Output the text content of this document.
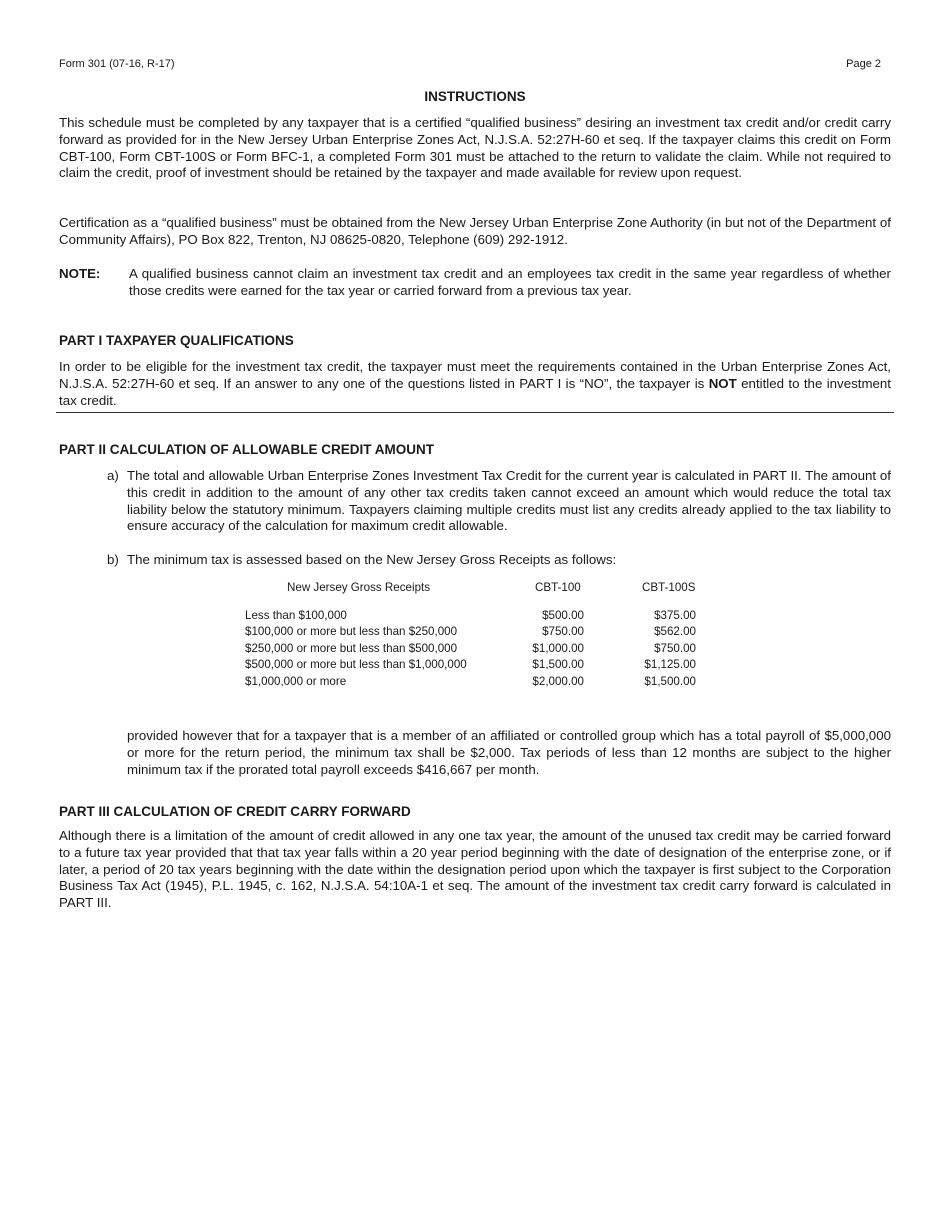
Form 301 (07-16, R-17)	Page 2
INSTRUCTIONS
This schedule must be completed by any taxpayer that is a certified “qualified business” desiring an investment tax credit and/or credit carry forward as provided for in the New Jersey Urban Enterprise Zones Act, N.J.S.A. 52:27H-60 et seq. If the taxpayer claims this credit on Form CBT-100, Form CBT-100S or Form BFC-1, a completed Form 301 must be attached to the return to validate the claim. While not required to claim the credit, proof of investment should be retained by the taxpayer and made available for review upon request.
Certification as a “qualified business” must be obtained from the New Jersey Urban Enterprise Zone Authority (in but not of the Department of Community Affairs), PO Box 822, Trenton, NJ 08625-0820, Telephone (609) 292-1912.
NOTE: A qualified business cannot claim an investment tax credit and an employees tax credit in the same year regardless of whether those credits were earned for the tax year or carried forward from a previous tax year.
PART I TAXPAYER QUALIFICATIONS
In order to be eligible for the investment tax credit, the taxpayer must meet the requirements contained in the Urban Enterprise Zones Act, N.J.S.A. 52:27H-60 et seq. If an answer to any one of the questions listed in PART I is “NO”, the taxpayer is NOT entitled to the investment tax credit.
PART II CALCULATION OF ALLOWABLE CREDIT AMOUNT
a) The total and allowable Urban Enterprise Zones Investment Tax Credit for the current year is calculated in PART II. The amount of this credit in addition to the amount of any other tax credits taken cannot exceed an amount which would reduce the total tax liability below the statutory minimum. Taxpayers claiming multiple credits must list any credits already applied to the tax liability to ensure accuracy of the calculation for maximum credit allowable.
b) The minimum tax is assessed based on the New Jersey Gross Receipts as follows:
New Jersey Gross Receipts	CBT-100	CBT-100S
Less than $100,000	$500.00	$375.00
$100,000 or more but less than $250,000	$750.00	$562.00
$250,000 or more but less than $500,000	$1,000.00	$750.00
$500,000 or more but less than $1,000,000	$1,500.00	$1,125.00
$1,000,000 or more	$2,000.00	$1,500.00
provided however that for a taxpayer that is a member of an affiliated or controlled group which has a total payroll of $5,000,000 or more for the return period, the minimum tax shall be $2,000. Tax periods of less than 12 months are subject to the higher minimum tax if the prorated total payroll exceeds $416,667 per month.
PART III CALCULATION OF CREDIT CARRY FORWARD
Although there is a limitation of the amount of credit allowed in any one tax year, the amount of the unused tax credit may be carried forward to a future tax year provided that that tax year falls within a 20 year period beginning with the date of designation of the enterprise zone, or if later, a period of 20 tax years beginning with the date within the designation period upon which the taxpayer is first subject to the Corporation Business Tax Act (1945), P.L. 1945, c. 162, N.J.S.A. 54:10A-1 et seq. The amount of the investment tax credit carry forward is calculated in PART III.
